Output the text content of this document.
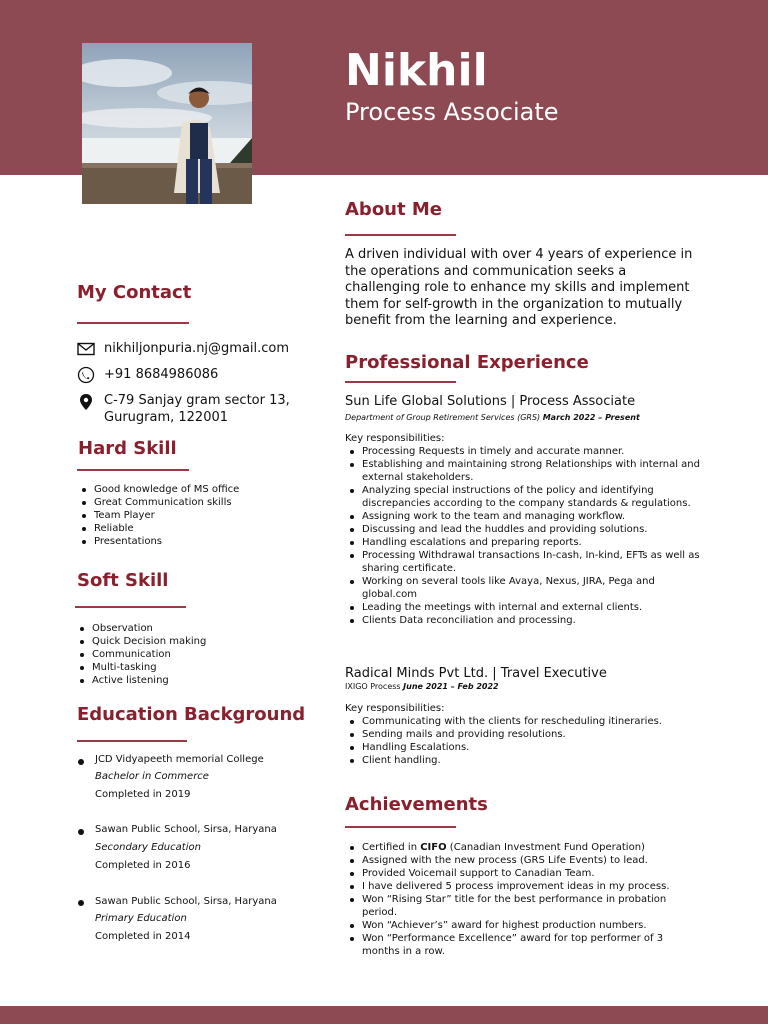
Nikhil
Process Associate
My Contact
nikhiljonpuria.nj@gmail.com
+91 8684986086
C-79 Sanjay gram sector 13,
Gurugram, 122001
Hard Skill
Good knowledge of MS office
Great Communication skills
Team Player
Reliable
Presentations
Soft Skill
Observation
Quick Decision making
Communication
Multi-tasking
Active listening
Education Background
JCD Vidyapeeth memorial College
Bachelor in Commerce
Completed in 2019
Sawan Public School, Sirsa, Haryana
Secondary Education
Completed in 2016
Sawan Public School, Sirsa, Haryana
Primary Education
Completed in 2014
About Me
A driven individual with over 4 years of experience in the operations and communication seeks a challenging role to enhance my skills and implement them for self-growth in the organization to mutually benefit from the learning and experience.
Professional Experience
Sun Life Global Solutions | Process Associate
Department of Group Retirement Services (GRS) March 2022 – Present
Key responsibilities:
Processing Requests in timely and accurate manner.
Establishing and maintaining strong Relationships with internal and external stakeholders.
Analyzing special instructions of the policy and identifying discrepancies according to the company standards & regulations.
Assigning work to the team and managing workflow.
Discussing and lead the huddles and providing solutions.
Handling escalations and preparing reports.
Processing Withdrawal transactions In-cash, In-kind, EFTs as well as sharing certificate.
Working on several tools like Avaya, Nexus, JIRA, Pega and global.com
Leading the meetings with internal and external clients.
Clients Data reconciliation and processing.
Radical Minds Pvt Ltd. | Travel Executive
IXIGO Process June 2021 – Feb 2022
Key responsibilities:
Communicating with the clients for rescheduling itineraries.
Sending mails and providing resolutions.
Handling Escalations.
Client handling.
Achievements
Certified in CIFO (Canadian Investment Fund Operation)
Assigned with the new process (GRS Life Events) to lead.
Provided Voicemail support to Canadian Team.
I have delivered 5 process improvement ideas in my process.
Won “Rising Star” title for the best performance in probation period.
Won “Achiever’s” award for highest production numbers.
Won “Performance Excellence” award for top performer of 3 months in a row.
